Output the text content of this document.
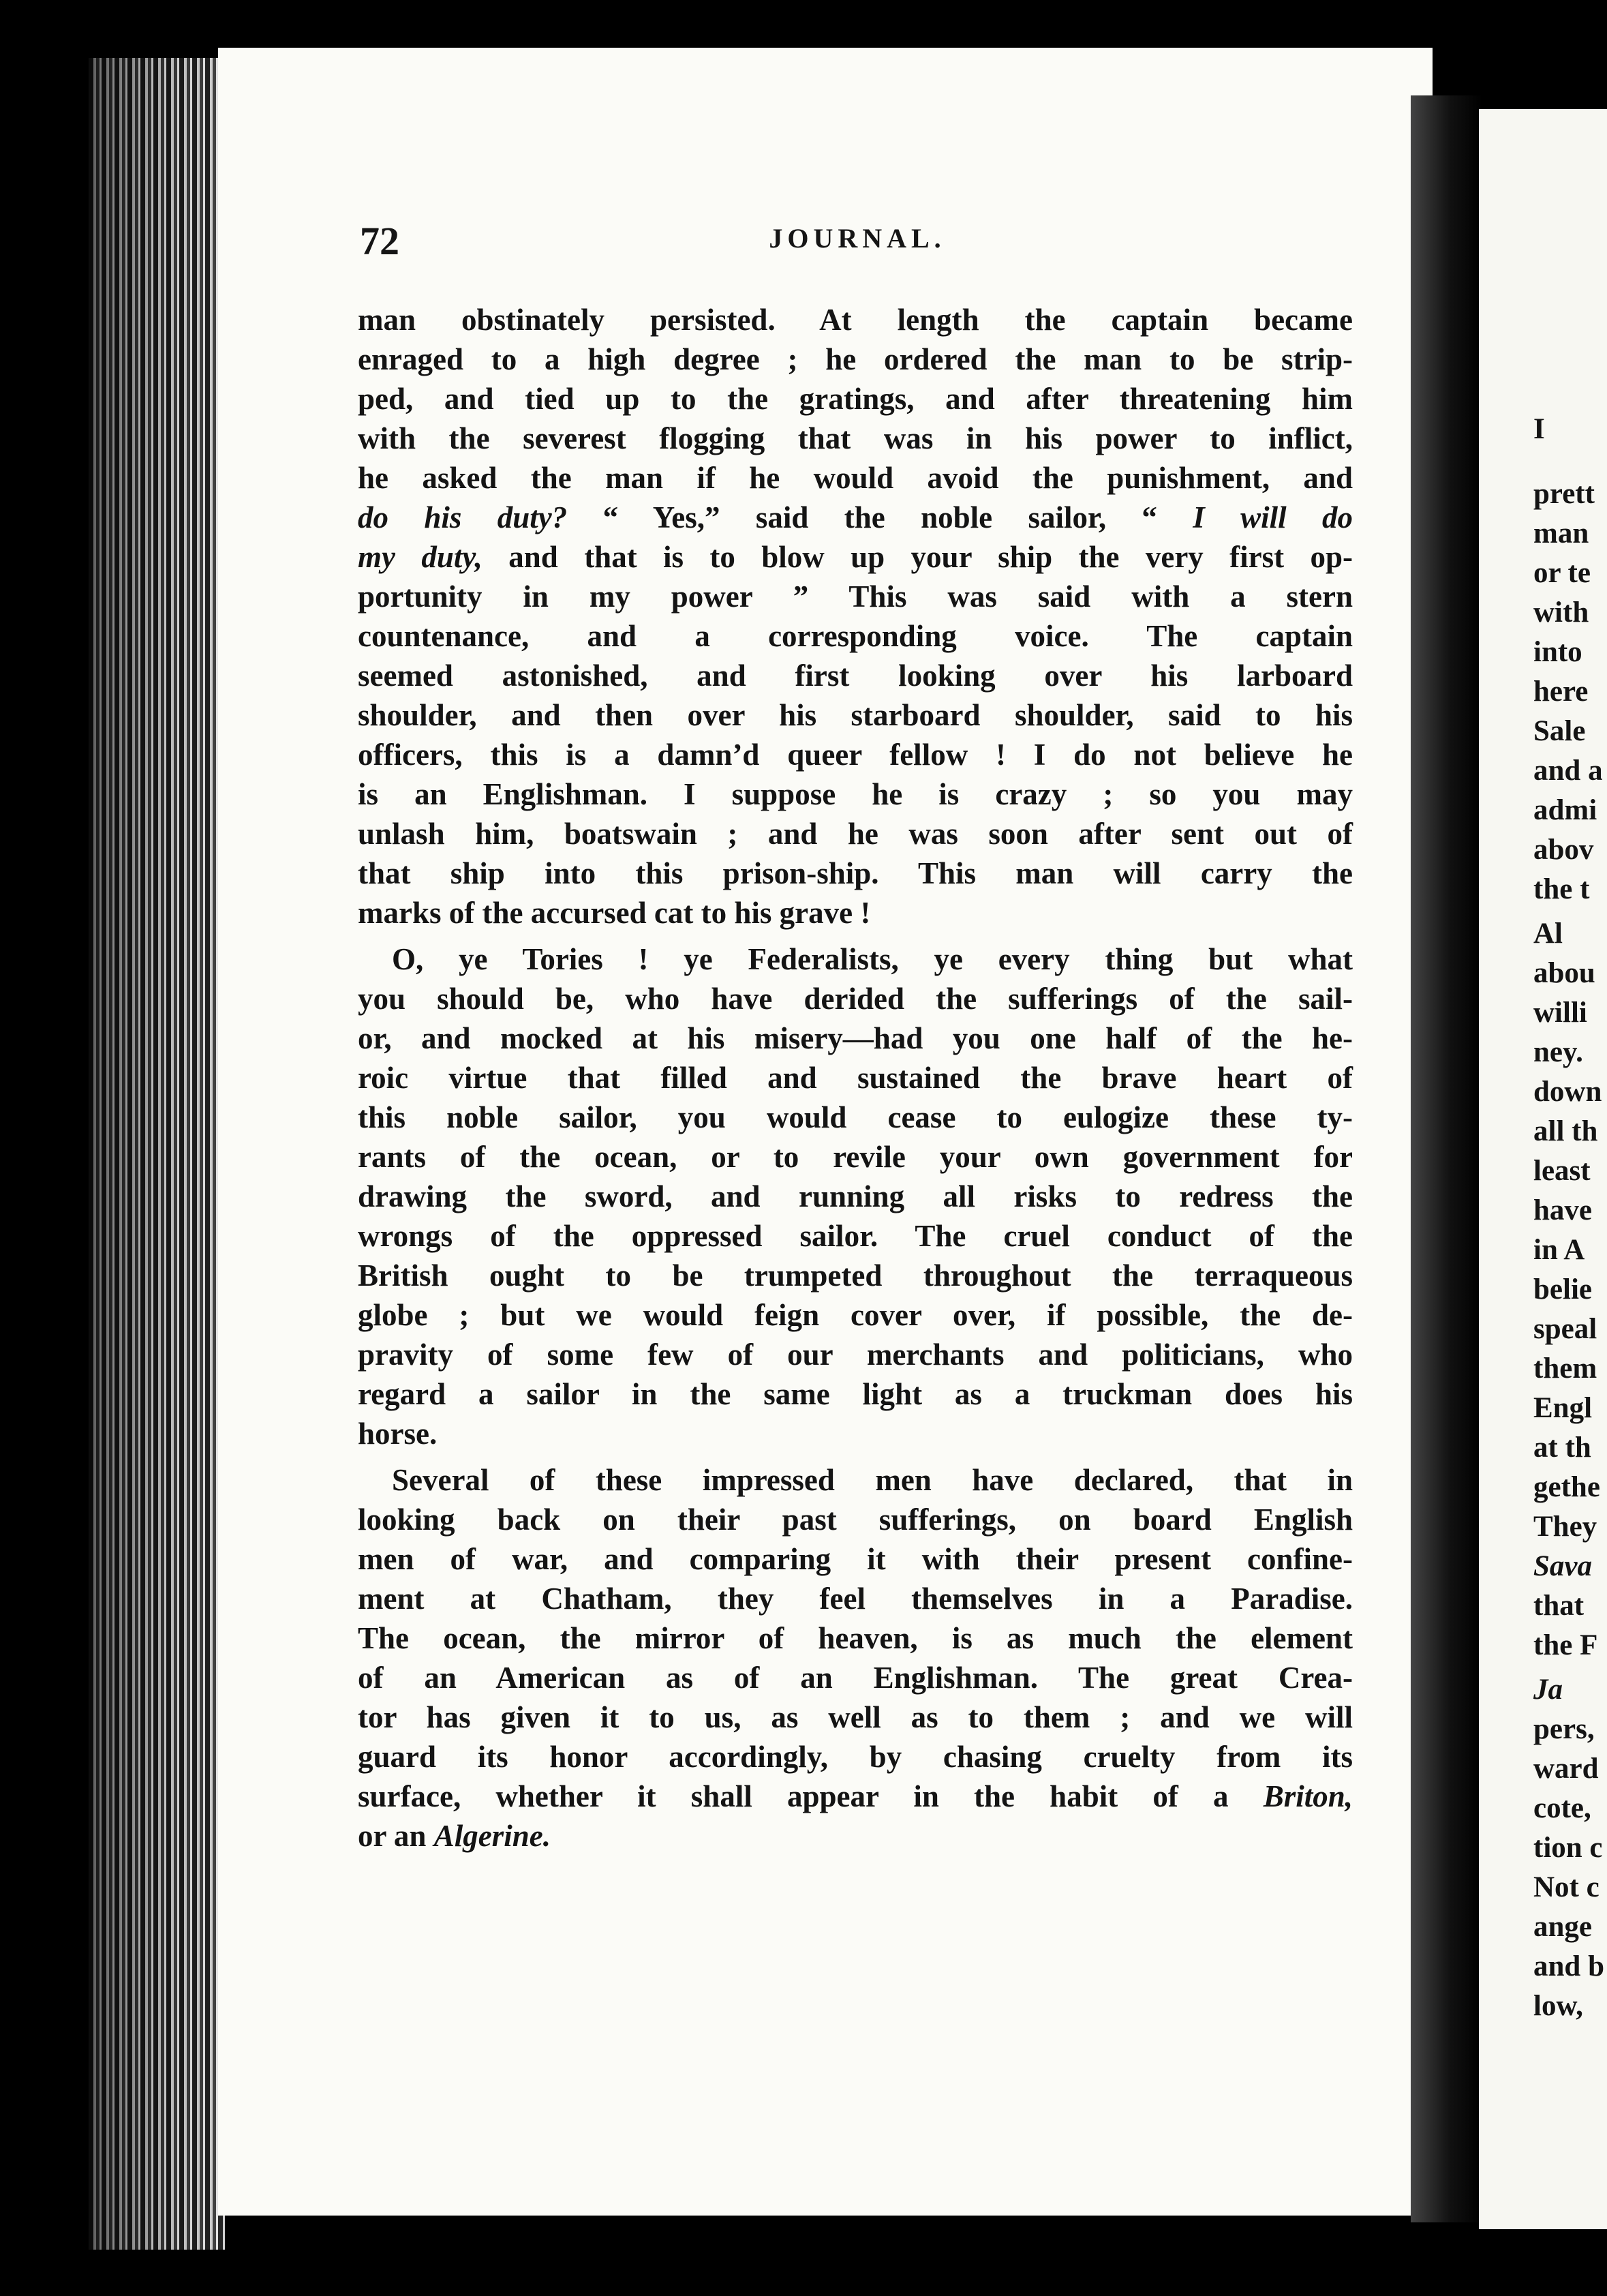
I
prett
man
or te
with
into
here
Sale
and a
admi
abov
the t
Al
abou
willi
ney.
down
all th
least
have
in A
belie
speal
them
Engl
at th
gethe
They
Sava
that
the F
Ja
pers,
ward
cote,
tion c
Not c
ange
and b
low,
72	JOURNAL.
man obstinately persisted. At length the captain became
enraged to a high degree ; he ordered the man to be strip-
ped, and tied up to the gratings, and after threatening him
with the severest flogging that was in his power to inflict,
he asked the man if he would avoid the punishment, and
do his duty? “ Yes,” said the noble sailor, “ I will do
my duty, and that is to blow up your ship the very first op-
portunity in my power ” This was said with a stern
countenance, and a corresponding voice. The captain
seemed astonished, and first looking over his larboard
shoulder, and then over his starboard shoulder, said to his
officers, this is a damn’d queer fellow ! I do not believe he
is an Englishman. I suppose he is crazy ; so you may
unlash him, boatswain ; and he was soon after sent out of
that ship into this prison-ship. This man will carry the
marks of the accursed cat to his grave !
O, ye Tories ! ye Federalists, ye every thing but what
you should be, who have derided the sufferings of the sail-
or, and mocked at his misery—had you one half of the he-
roic virtue that filled and sustained the brave heart of
this noble sailor, you would cease to eulogize these ty-
rants of the ocean, or to revile your own government for
drawing the sword, and running all risks to redress the
wrongs of the oppressed sailor. The cruel conduct of the
British ought to be trumpeted throughout the terraqueous
globe ; but we would feign cover over, if possible, the de-
pravity of some few of our merchants and politicians, who
regard a sailor in the same light as a truckman does his
horse.
Several of these impressed men have declared, that in
looking back on their past sufferings, on board English
men of war, and comparing it with their present confine-
ment at Chatham, they feel themselves in a Paradise.
The ocean, the mirror of heaven, is as much the element
of an American as of an Englishman. The great Crea-
tor has given it to us, as well as to them ; and we will
guard its honor accordingly, by chasing cruelty from its
surface, whether it shall appear in the habit of a Briton,
or an Algerine.
